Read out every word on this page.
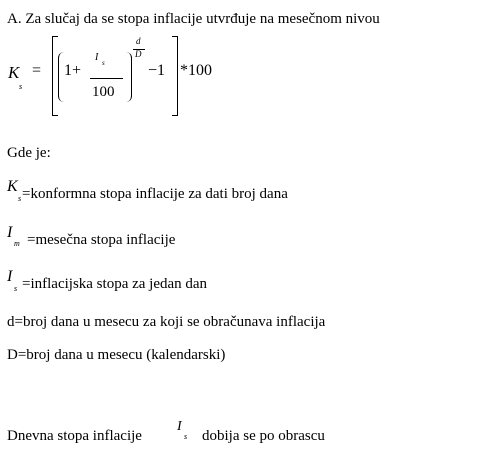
A. Za slučaj da se stopa inflacije utvrđuje na mesečnom nivou
K
s
= 1+
I s
100
d
D
−1 *100
Gde je:
K
s =konformna stopa inflacije za dati broj dana
I
m =mesečna stopa inflacije
I
s =inflacijska stopa za jedan dan
d=broj dana u mesecu za koji se obračunava inflacija
D=broj dana u mesecu (kalendarski)
Dnevna stopa inflacije
I
s dobija se po obrascu
